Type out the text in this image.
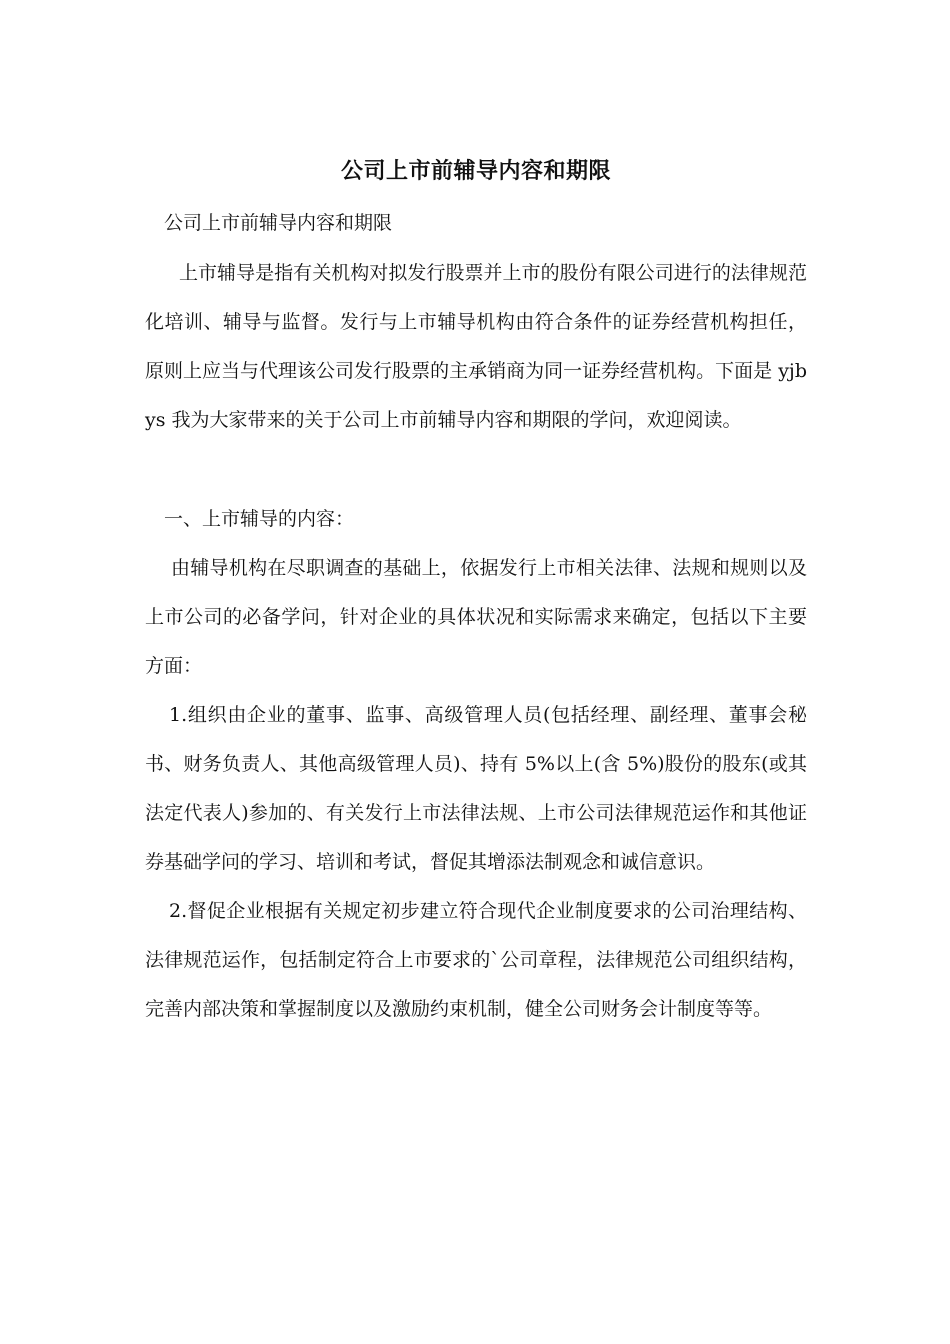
公司上市前辅导内容和期限
公司上市前辅导内容和期限

上市辅导是指有关机构对拟发行股票并上市的股份有限公司进行的法律规范化培训、辅导与监督。发行与上市辅导机构由符合条件的证券经营机构担任，原则上应当与代理该公司发行股票的主承销商为同一证券经营机构。下面是 yjbys 我为大家带来的关于公司上市前辅导内容和期限的学问，欢迎阅读。

一、上市辅导的内容：

由辅导机构在尽职调查的基础上，依据发行上市相关法律、法规和规则以及上市公司的必备学问，针对企业的具体状况和实际需求来确定，包括以下主要方面：

1.组织由企业的董事、监事、高级管理人员(包括经理、副经理、董事会秘书、财务负责人、其他高级管理人员)、持有 5%以上(含 5%)股份的股东(或其法定代表人)参加的、有关发行上市法律法规、上市公司法律规范运作和其他证券基础学问的学习、培训和考试，督促其增添法制观念和诚信意识。

2.督促企业根据有关规定初步建立符合现代企业制度要求的公司治理结构、法律规范运作，包括制定符合上市要求的`公司章程，法律规范公司组织结构，完善内部决策和掌握制度以及激励约束机制，健全公司财务会计制度等等。
